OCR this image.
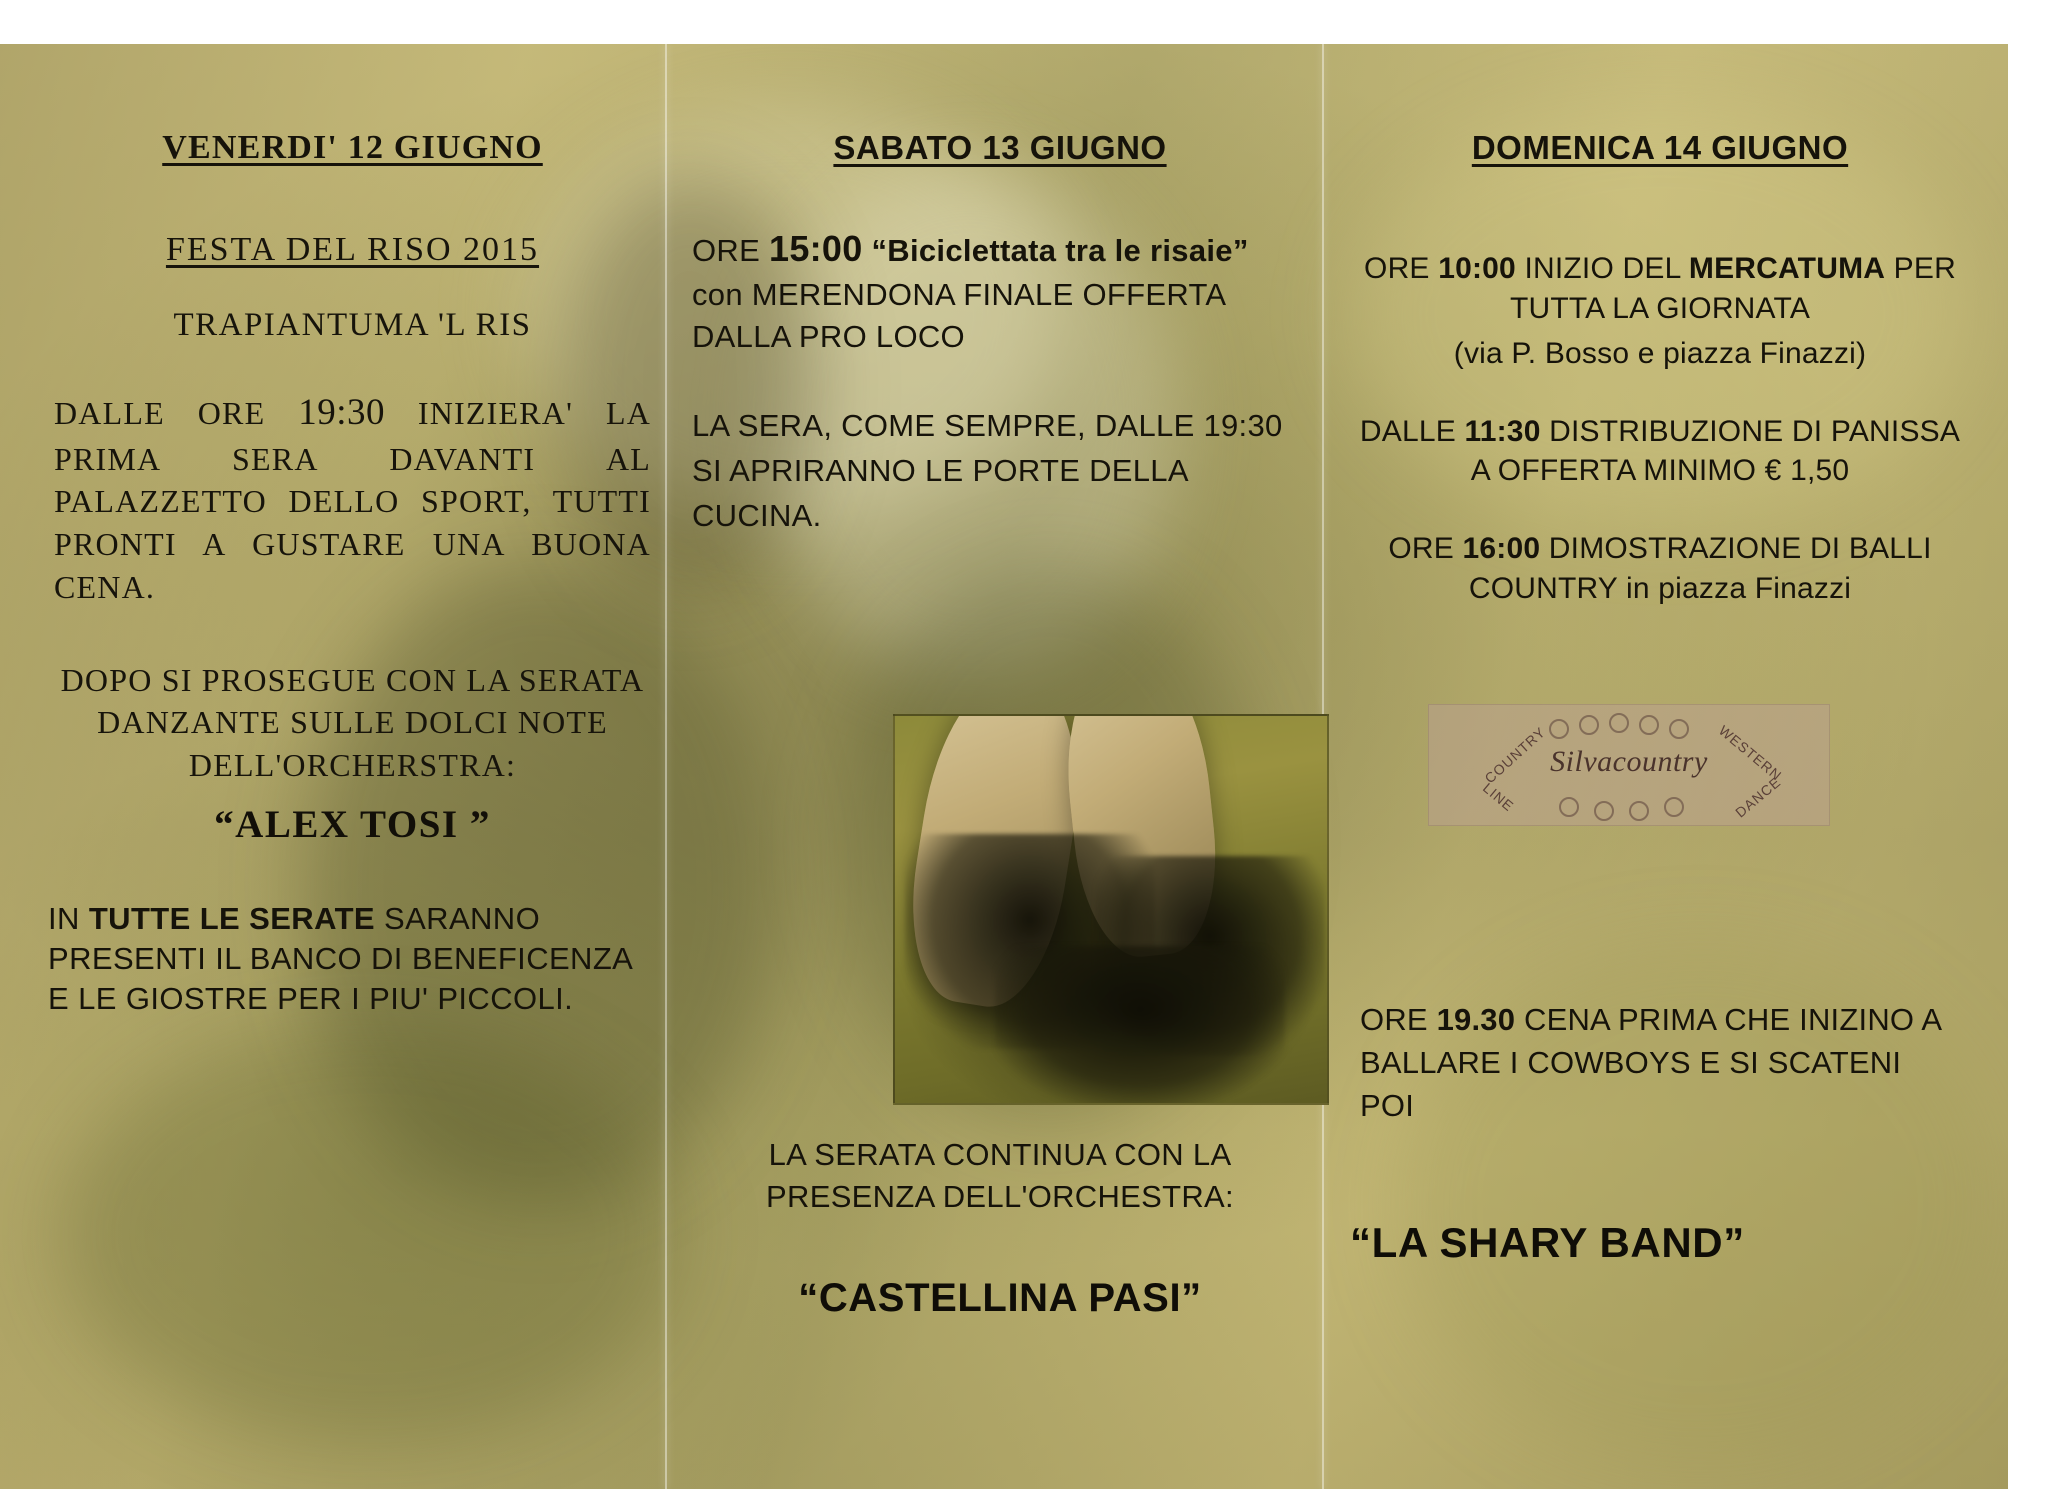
VENERDI' 12 GIUGNO
FESTA DEL RISO 2015
TRAPIANTUMA 'L RIS
DALLE ORE 19:30 INIZIERA' LA PRIMA SERA DAVANTI AL PALAZZETTO DELLO SPORT, TUTTI PRONTI A GUSTARE UNA BUONA CENA.
DOPO SI PROSEGUE CON LA SERATA DANZANTE SULLE DOLCI NOTE DELL'ORCHERSTRA:
“ALEX TOSI ”
IN TUTTE LE SERATE SARANNO PRESENTI IL BANCO DI BENEFICENZA E LE GIOSTRE PER I PIU' PICCOLI.
SABATO 13 GIUGNO
ORE 15:00 “Biciclettata tra le risaie” con MERENDONA FINALE OFFERTA DALLA PRO LOCO
LA SERA, COME SEMPRE, DALLE 19:30 SI APRIRANNO LE PORTE DELLA CUCINA.
LA SERATA CONTINUA CON LA PRESENZA DELL'ORCHESTRA:
“CASTELLINA PASI”
DOMENICA 14 GIUGNO
ORE 10:00 INIZIO DEL MERCATUMA PER TUTTA LA GIORNATA
(via P. Bosso e piazza Finazzi)
DALLE 11:30 DISTRIBUZIONE DI PANISSA A OFFERTA MINIMO € 1,50
ORE 16:00 DIMOSTRAZIONE DI BALLI COUNTRY in piazza Finazzi
Silvacountry
COUNTRY
LINE
WESTERN
DANCE
ORE 19.30 CENA PRIMA CHE INIZINO A BALLARE I COWBOYS E SI SCATENI POI
“LA SHARY BAND”
